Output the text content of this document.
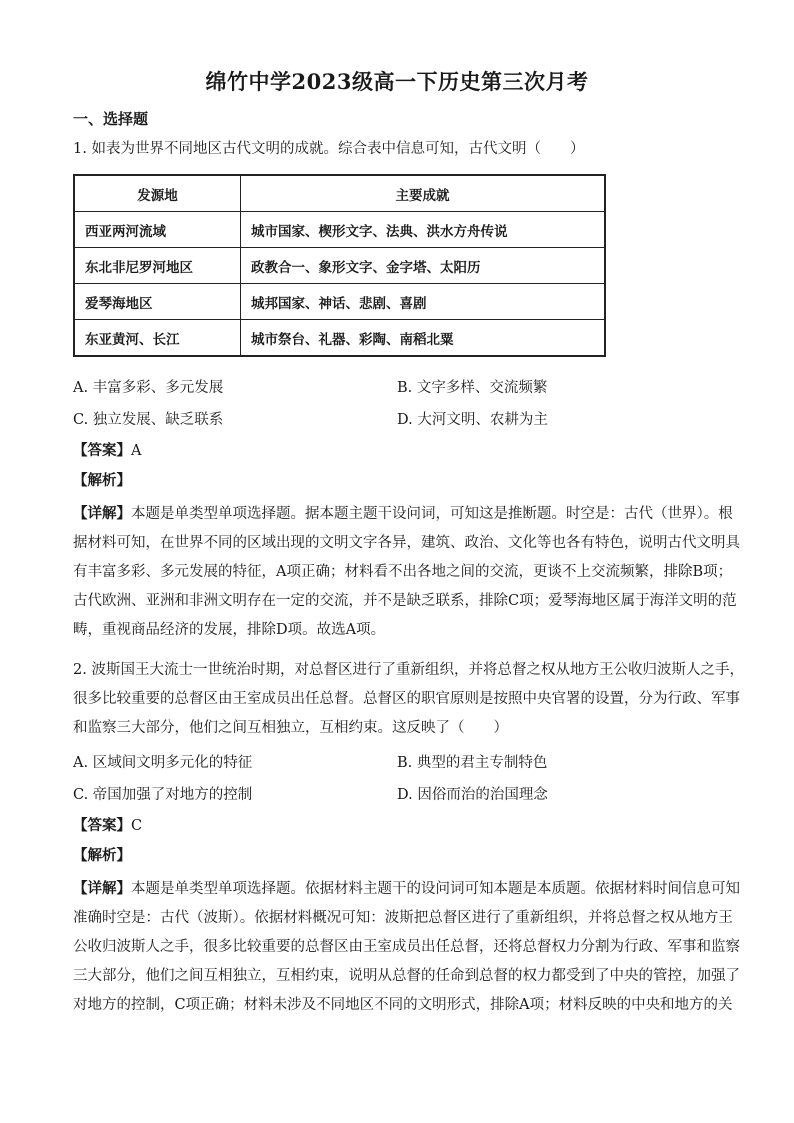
绵竹中学2023级高一下历史第三次月考
一、选择题
1. 如表为世界不同地区古代文明的成就。综合表中信息可知，古代文明（　　）
发源地	主要成就
西亚两河流域	城市国家、楔形文字、法典、洪水方舟传说
东北非尼罗河地区	政教合一、象形文字、金字塔、太阳历
爱琴海地区	城邦国家、神话、悲剧、喜剧
东亚黄河、长江	城市祭台、礼器、彩陶、南稻北粟
A. 丰富多彩、多元发展	B. 文字多样、交流频繁
C. 独立发展、缺乏联系	D. 大河文明、农耕为主
【答案】A
【解析】
【详解】本题是单类型单项选择题。据本题主题干设问词，可知这是推断题。时空是：古代（世界）。根
据材料可知，在世界不同的区域出现的文明文字各异，建筑、政治、文化等也各有特色，说明古代文明具
有丰富多彩、多元发展的特征，A项正确；材料看不出各地之间的交流，更谈不上交流频繁，排除B项；
古代欧洲、亚洲和非洲文明存在一定的交流，并不是缺乏联系，排除C项；爱琴海地区属于海洋文明的范
畴，重视商品经济的发展，排除D项。故选A项。
2. 波斯国王大流士一世统治时期，对总督区进行了重新组织，并将总督之权从地方王公收归波斯人之手，
很多比较重要的总督区由王室成员出任总督。总督区的职官原则是按照中央官署的设置，分为行政、军事
和监察三大部分，他们之间互相独立，互相约束。这反映了（　　）
A. 区域间文明多元化的特征	B. 典型的君主专制特色
C. 帝国加强了对地方的控制	D. 因俗而治的治国理念
【答案】C
【解析】
【详解】本题是单类型单项选择题。依据材料主题干的设问词可知本题是本质题。依据材料时间信息可知
准确时空是：古代（波斯）。依据材料概况可知：波斯把总督区进行了重新组织，并将总督之权从地方王
公收归波斯人之手，很多比较重要的总督区由王室成员出任总督，还将总督权力分割为行政、军事和监察
三大部分，他们之间互相独立，互相约束，说明从总督的任命到总督的权力都受到了中央的管控，加强了
对地方的控制，C项正确；材料未涉及不同地区不同的文明形式，排除A项；材料反映的中央和地方的关
